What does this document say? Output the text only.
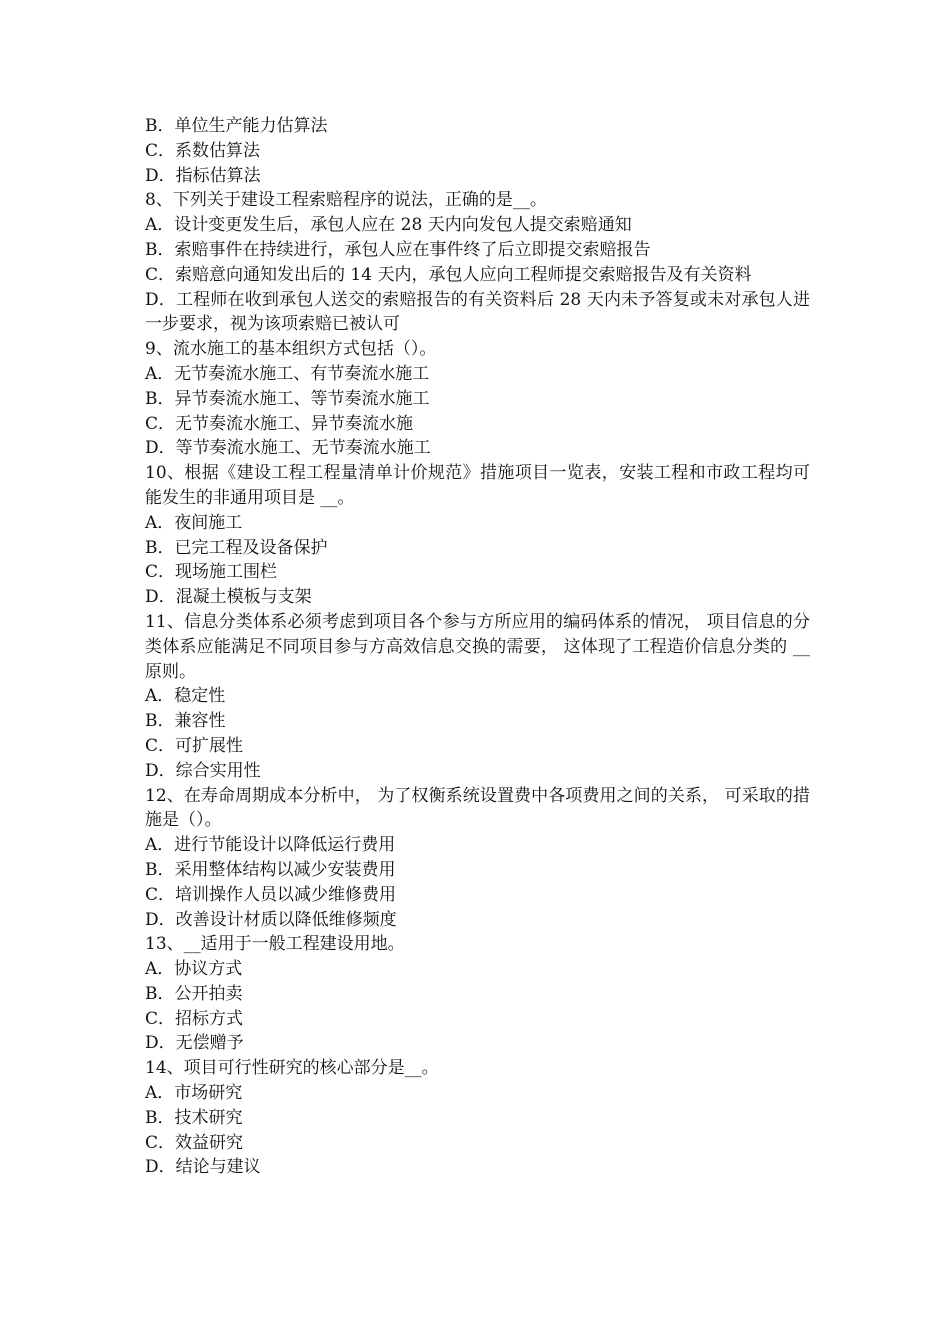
B．单位生产能力估算法

C．系数估算法

D．指标估算法

8、下列关于建设工程索赔程序的说法，正确的是__。

A．设计变更发生后，承包人应在 28 天内向发包人提交索赔通知

B．索赔事件在持续进行，承包人应在事件终了后立即提交索赔报告

C．索赔意向通知发出后的 14 天内，承包人应向工程师提交索赔报告及有关资料

D．工程师在收到承包人送交的索赔报告的有关资料后 28 天内未予答复或未对承包人进一步要求，视为该项索赔已被认可

9、流水施工的基本组织方式包括（）。

A．无节奏流水施工、有节奏流水施工

B．异节奏流水施工、等节奏流水施工

C．无节奏流水施工、异节奏流水施

D．等节奏流水施工、无节奏流水施工

10、根据《建设工程工程量清单计价规范》措施项目一览表，安装工程和市政工程均可能发生的非通用项目是 __。

A．夜间施工

B．已完工程及设备保护

C．现场施工围栏

D．混凝土模板与支架

11、信息分类体系必须考虑到项目各个参与方所应用的编码体系的情况， 项目信息的分类体系应能满足不同项目参与方高效信息交换的需要， 这体现了工程造价信息分类的 __原则。

A．稳定性

B．兼容性

C．可扩展性

D．综合实用性

12、在寿命周期成本分析中， 为了权衡系统设置费中各项费用之间的关系， 可采取的措施是（）。

A．进行节能设计以降低运行费用

B．采用整体结构以减少安装费用

C．培训操作人员以减少维修费用

D．改善设计材质以降低维修频度

13、__适用于一般工程建设用地。

A．协议方式

B．公开拍卖

C．招标方式

D．无偿赠予

14、项目可行性研究的核心部分是__。

A．市场研究

B．技术研究

C．效益研究

D．结论与建议
